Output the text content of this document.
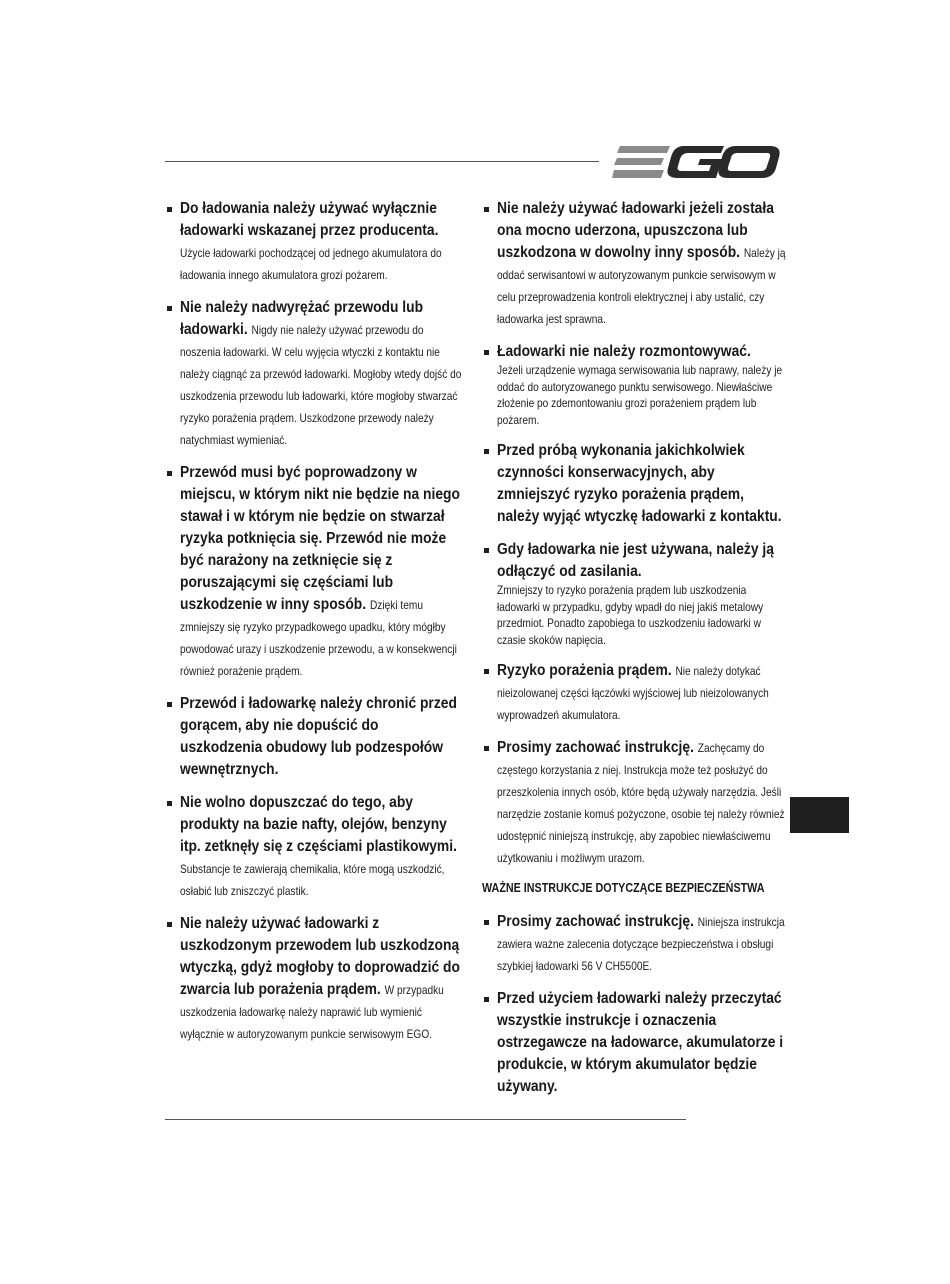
Do ładowania należy używać wyłącznie ładowarki wskazanej przez producenta. Użycie ładowarki pochodzącej od jednego akumulatora do ładowania innego akumulatora grozi pożarem.
Nie należy nadwyrężać przewodu lub ładowarki. Nigdy nie należy używać przewodu do noszenia ładowarki. W celu wyjęcia wtyczki z kontaktu nie należy ciągnąć za przewód ładowarki. Mogłoby wtedy dojść do uszkodzenia przewodu lub ładowarki, które mogłoby stwarzać ryzyko porażenia prądem. Uszkodzone przewody należy natychmiast wymieniać.
Przewód musi być poprowadzony w miejscu, w którym nikt nie będzie na niego stawał i w którym nie będzie on stwarzał ryzyka potknięcia się. Przewód nie może być narażony na zetknięcie się z poruszającymi się częściami lub uszkodzenie w inny sposób. Dzięki temu zmniejszy się ryzyko przypadkowego upadku, który mógłby powodować urazy i uszkodzenie przewodu, a w konsekwencji również porażenie prądem.
Przewód i ładowarkę należy chronić przed gorącem, aby nie dopuścić do uszkodzenia obudowy lub podzespołów wewnętrznych.
Nie wolno dopuszczać do tego, aby produkty na bazie nafty, olejów, benzyny itp. zetknęły się z częściami plastikowymi. Substancje te zawierają chemikalia, które mogą uszkodzić, osłabić lub zniszczyć plastik.
Nie należy używać ładowarki z uszkodzonym przewodem lub uszkodzoną wtyczką, gdyż mogłoby to doprowadzić do zwarcia lub porażenia prądem. W przypadku uszkodzenia ładowarkę należy naprawić lub wymienić wyłącznie w autoryzowanym punkcie serwisowym EGO.
Nie należy używać ładowarki jeżeli została ona mocno uderzona, upuszczona lub uszkodzona w dowolny inny sposób. Należy ją oddać serwisantowi w autoryzowanym punkcie serwisowym w celu przeprowadzenia kontroli elektrycznej i aby ustalić, czy ładowarka jest sprawna.
Ładowarki nie należy rozmontowywać.
Jeżeli urządzenie wymaga serwisowania lub naprawy, należy je oddać do autoryzowanego punktu serwisowego. Niewłaściwe złożenie po zdemontowaniu grozi porażeniem prądem lub pożarem.
Przed próbą wykonania jakichkolwiek czynności konserwacyjnych, aby zmniejszyć ryzyko porażenia prądem, należy wyjąć wtyczkę ładowarki z kontaktu.
Gdy ładowarka nie jest używana, należy ją odłączyć od zasilania.
Zmniejszy to ryzyko porażenia prądem lub uszkodzenia ładowarki w przypadku, gdyby wpadł do niej jakiś metalowy przedmiot. Ponadto zapobiega to uszkodzeniu ładowarki w czasie skoków napięcia.
Ryzyko porażenia prądem. Nie należy dotykać nieizolowanej części łączówki wyjściowej lub nieizolowanych wyprowadzeń akumulatora.
Prosimy zachować instrukcję. Zachęcamy do częstego korzystania z niej. Instrukcja może też posłużyć do przeszkolenia innych osób, które będą używały narzędzia. Jeśli narzędzie zostanie komuś pożyczone, osobie tej należy również udostępnić niniejszą instrukcję, aby zapobiec niewłaściwemu użytkowaniu i możliwym urazom.
WAŻNE INSTRUKCJE DOTYCZĄCE BEZPIECZEŃSTWA
Prosimy zachować instrukcję. Niniejsza instrukcja zawiera ważne zalecenia dotyczące bezpieczeństwa i obsługi szybkiej ładowarki 56 V CH5500E.
Przed użyciem ładowarki należy przeczytać wszystkie instrukcje i oznaczenia ostrzegawcze na ładowarce, akumulatorze i produkcie, w którym akumulator będzie używany.
